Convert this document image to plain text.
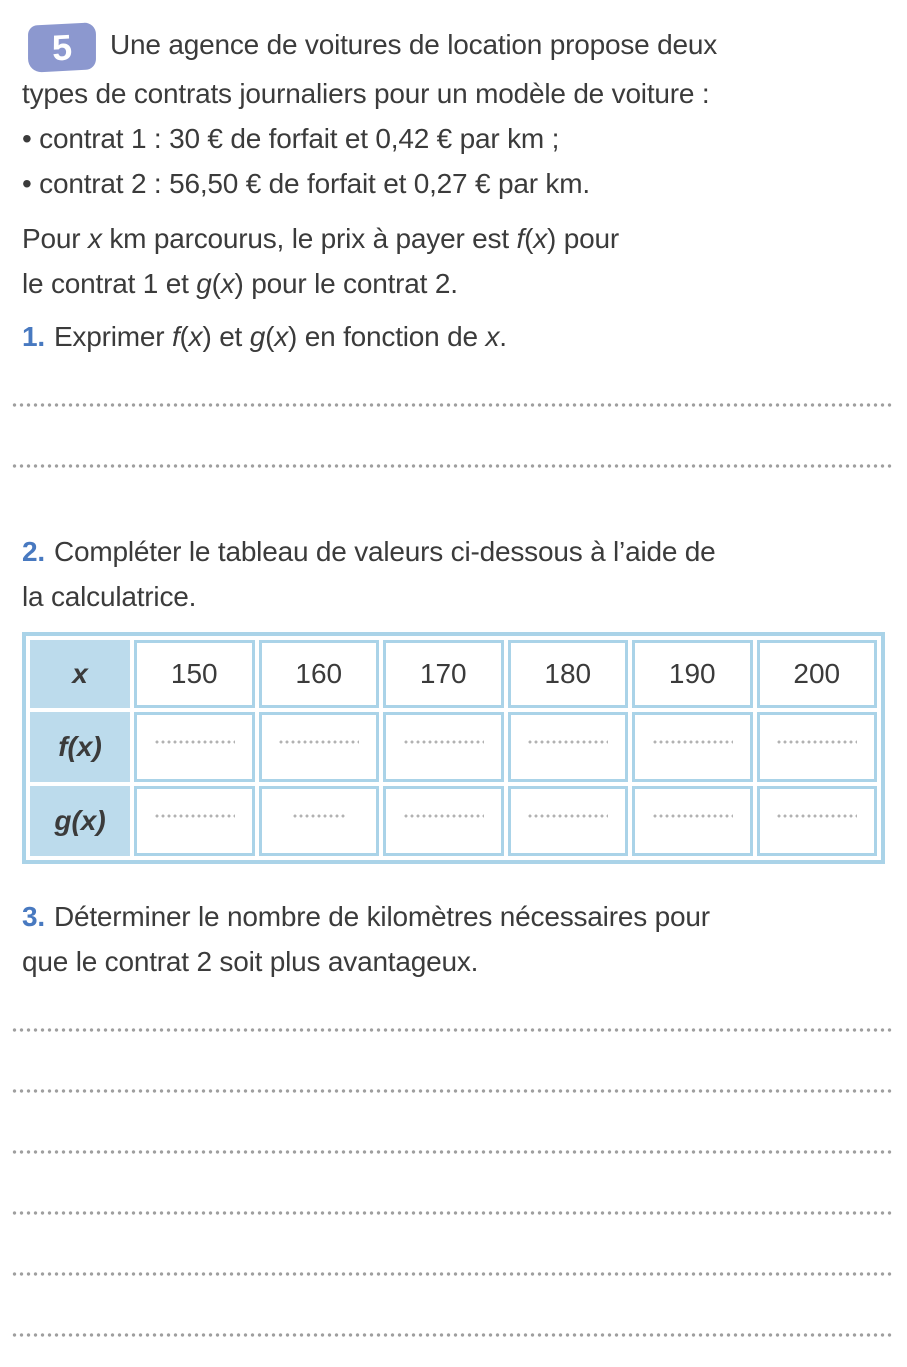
5 Une agence de voitures de location propose deux
types de contrats journaliers pour un modèle de voiture :
• contrat 1 : 30 € de forfait et 0,42 € par km ;
• contrat 2 : 56,50 € de forfait et 0,27 € par km.
Pour x km parcourus, le prix à payer est f(x) pour
le contrat 1 et g(x) pour le contrat 2.
1. Exprimer f(x) et g(x) en fonction de x.
2. Compléter le tableau de valeurs ci-dessous à l’aide de
la calculatrice.
x	150	160	170	180	190	200
f(x)	

g(x)	

3. Déterminer le nombre de kilomètres nécessaires pour
que le contrat 2 soit plus avantageux.
